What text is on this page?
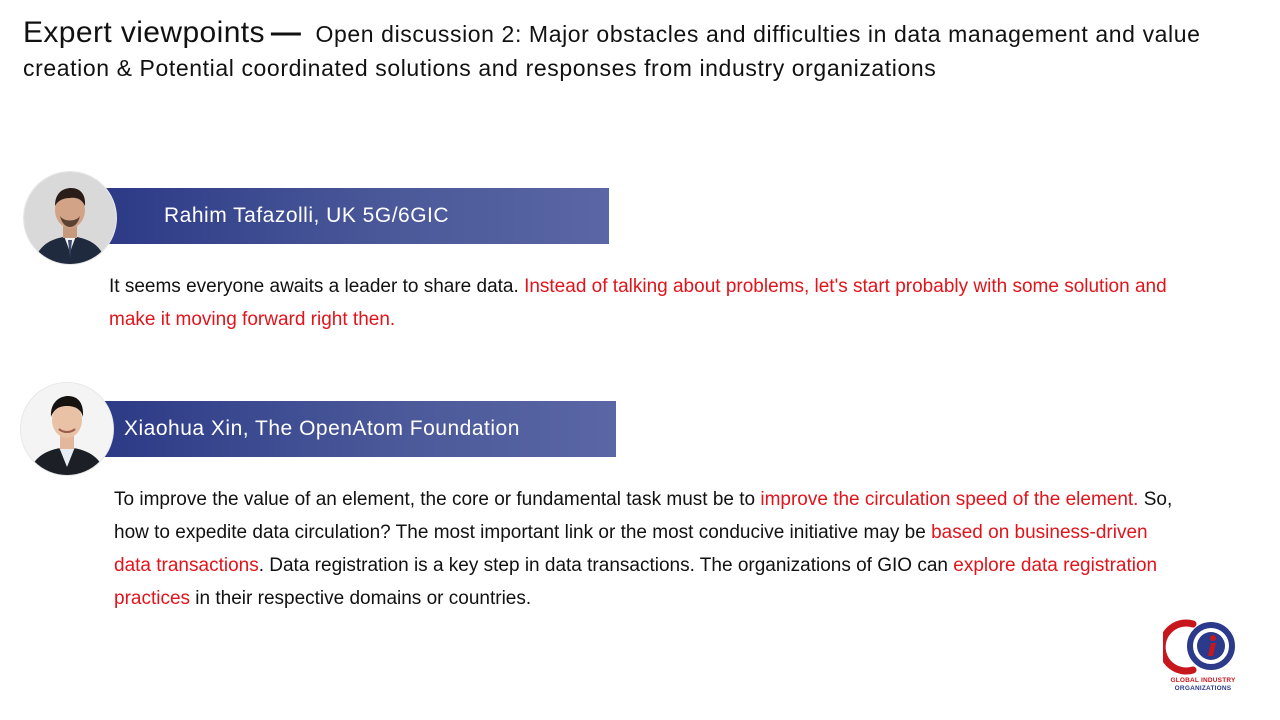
Expert viewpoints — Open discussion 2: Major obstacles and difficulties in data management and value creation & Potential coordinated solutions and responses from industry organizations
Rahim Tafazolli, UK 5G/6GIC

It seems everyone awaits a leader to share data. Instead of talking about problems, let's start probably with some solution and make it moving forward right then.

Xiaohua Xin, The OpenAtom Foundation

To improve the value of an element, the core or fundamental task must be to improve the circulation speed of the element. So, how to expedite data circulation? The most important link or the most conducive initiative may be based on business-driven data transactions. Data registration is a key step in data transactions. The organizations of GIO can explore data registration practices in their respective domains or countries.

GLOBAL INDUSTRY
ORGANIZATIONS
